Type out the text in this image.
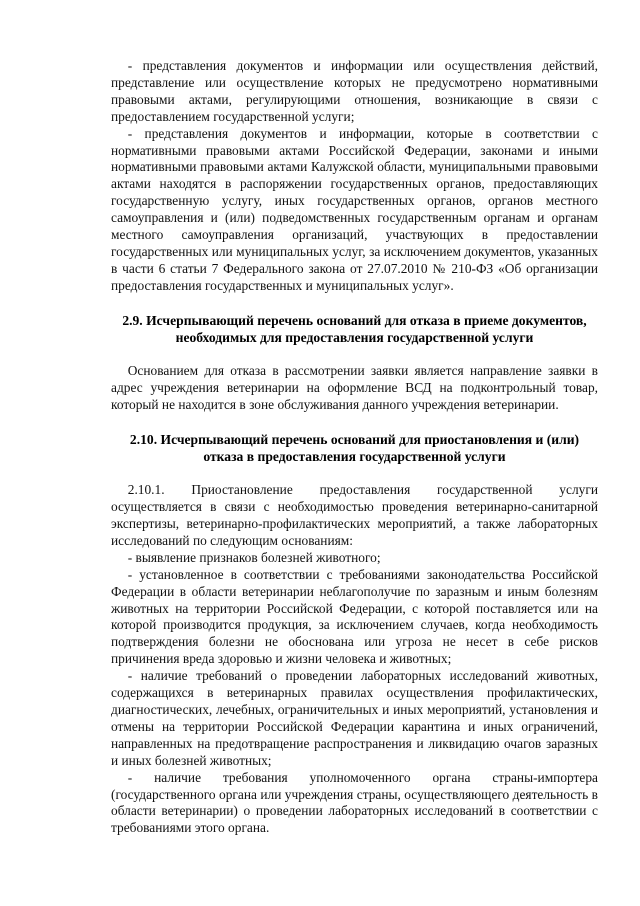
- представления документов и информации или осуществления действий, представление или осуществление которых не предусмотрено нормативными правовыми актами, регулирующими отношения, возникающие в связи с предоставлением государственной услуги;

- представления документов и информации, которые в соответствии с нормативными правовыми актами Российской Федерации, законами и иными нормативными правовыми актами Калужской области, муниципальными правовыми актами находятся в распоряжении государственных органов, предоставляющих государственную услугу, иных государственных органов, органов местного самоуправления и (или) подведомственных государственным органам и органам местного самоуправления организаций, участвующих в предоставлении государственных или муниципальных услуг, за исключением документов, указанных в части 6 статьи 7 Федерального закона от 27.07.2010 № 210-ФЗ «Об организации предоставления государственных и муниципальных услуг».

2.9. Исчерпывающий перечень оснований для отказа в приеме документов, необходимых для предоставления государственной услуги

Основанием для отказа в рассмотрении заявки является направление заявки в адрес учреждения ветеринарии на оформление ВСД на подконтрольный товар, который не находится в зоне обслуживания данного учреждения ветеринарии.

2.10. Исчерпывающий перечень оснований для приостановления и (или) отказа в предоставления государственной услуги

2.10.1. Приостановление предоставления государственной услуги осуществляется в связи с необходимостью проведения ветеринарно-санитарной экспертизы, ветеринарно-профилактических мероприятий, а также лабораторных исследований по следующим основаниям:

- выявление признаков болезней животного;

- установленное в соответствии с требованиями законодательства Российской Федерации в области ветеринарии неблагополучие по заразным и иным болезням животных на территории Российской Федерации, с которой поставляется или на которой производится продукция, за исключением случаев, когда необходимость подтверждения болезни не обоснована или угроза не несет в себе рисков причинения вреда здоровью и жизни человека и животных;

- наличие требований о проведении лабораторных исследований животных, содержащихся в ветеринарных правилах осуществления профилактических, диагностических, лечебных, ограничительных и иных мероприятий, установления и отмены на территории Российской Федерации карантина и иных ограничений, направленных на предотвращение распространения и ликвидацию очагов заразных и иных болезней животных;

- наличие требования уполномоченного органа страны-импортера (государственного органа или учреждения страны, осуществляющего деятельность в области ветеринарии) о проведении лабораторных исследований в соответствии с требованиями этого органа.
